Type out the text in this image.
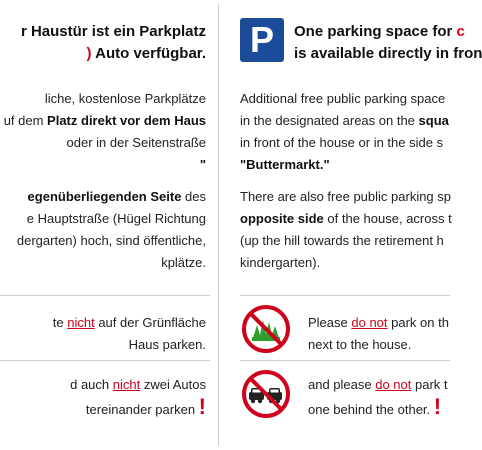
r Haustür ist ein Parkplatz

) Auto verfügbar.

liche, kostenlose Parkplätze
uf dem Platz direkt vor dem Haus
oder in der Seitenstraße
"
egenüberliegenden Seite des
e Hauptstraße (Hügel Richtung
dergarten) hoch, sind öffentliche,
kplätze.
te nicht auf der Grünfläche
Haus parken.
d auch nicht zwei Autos
tereinander parken !
P	One parking space for c

is available directly in fron

Additional free public parking space
in the designated areas on the squa
in front of the house or in the side s
"Buttermarkt."
There are also free public parking sp
opposite side of the house, across t
(up the hill towards the retirement h
kindergarten).
Please do not park on th
next to the house.
and please do not park t
one behind the other. !
